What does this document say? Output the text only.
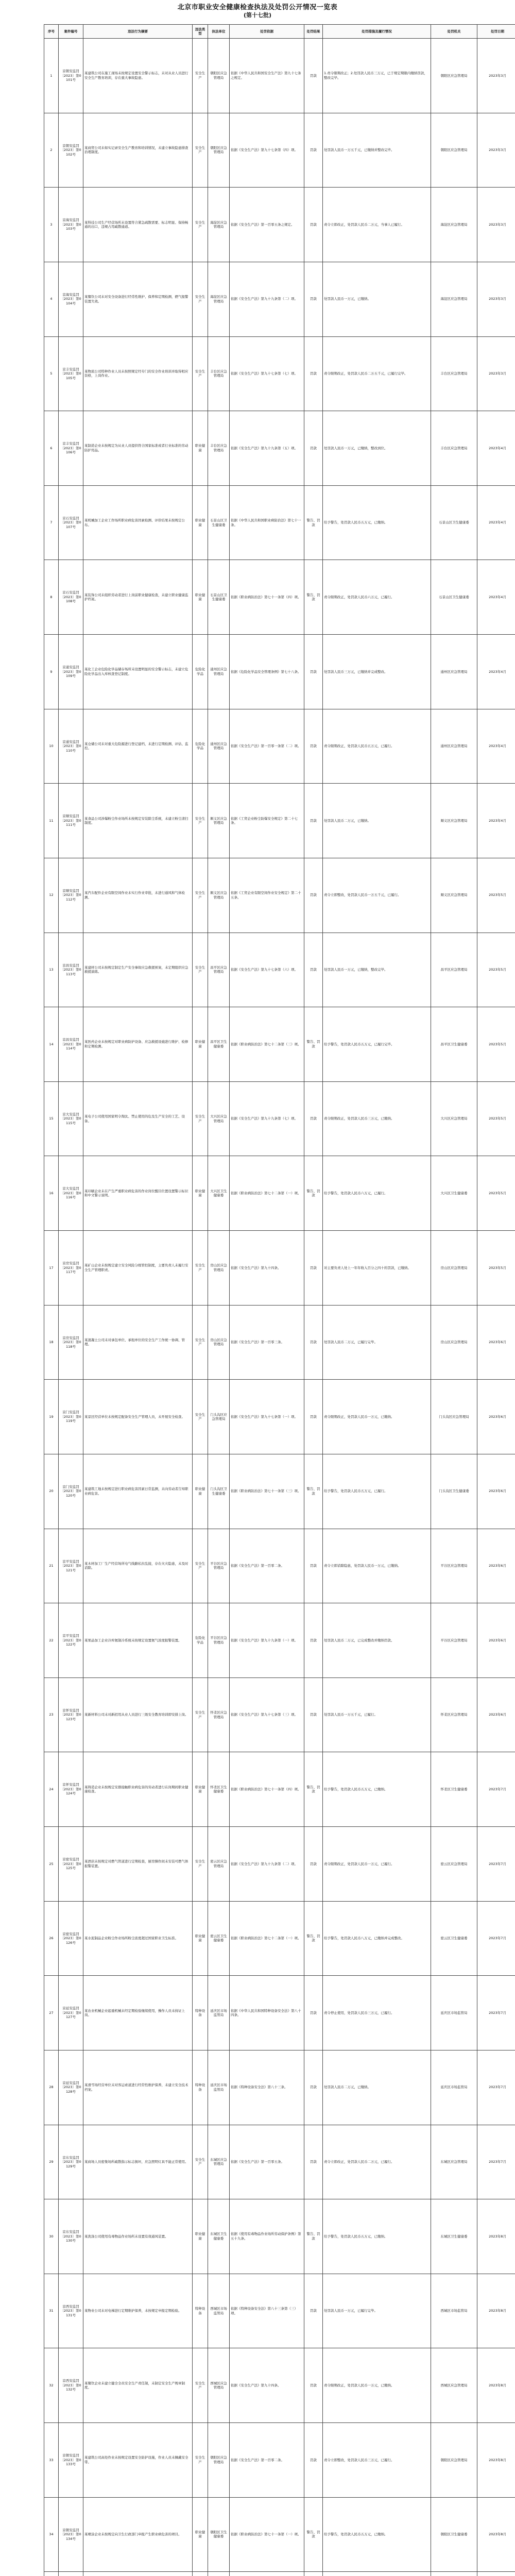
北京市职业安全健康检查执法及处罚公开情况一览表
(第十七批)
序号	案件编号	违法行为摘要	违法类型	执法单位	处罚依据	处罚结果	处罚措施及履行情况	处罚机关	处罚日期
1	京朝安监罚〔2023〕第0101号	某建筑公司在施工现场未按规定设置安全警示标志，未对从业人员进行安全生产教育培训，存在重大事故隐患。	安全生产	朝阳区应急管理局	依据《中华人民共和国安全生产法》第九十七条之规定。	罚款	1.责令限期改正；2.处罚款人民币三万元，已于规定期限内缴纳罚款，整改完毕。	朝阳区应急管理局	2023年3月
2	京朝安监罚〔2023〕第0102号	某商贸公司未如实记录安全生产教育和培训情况，未建立事故隐患排查治理制度。	安全生产	朝阳区应急管理局	依据《安全生产法》第九十七条第（四）项。	罚款	处罚款人民币一万五千元，已缴纳并整改完毕。	朝阳区应急管理局	2023年3月
3	京海安监罚〔2023〕第0103号	某科技公司生产经营场所未设置符合紧急疏散需要、标志明显、保持畅通的出口，违规占用疏散通道。	安全生产	海淀区应急管理局	依据《安全生产法》第一百零五条之规定。	罚款	责令立即改正，处罚款人民币二万元，当事人已履行。	海淀区应急管理局	2023年3月
4	京海安监罚〔2023〕第0104号	某餐饮公司未对安全设备进行经常性维护、保养和定期检测，燃气报警装置失效。	安全生产	海淀区应急管理局	依据《安全生产法》第九十九条第（二）项。	罚款	处罚款人民币一万元，已缴纳。	海淀区应急管理局	2023年3月
5	京丰安监罚〔2023〕第0105号	某物流公司特种作业人员未按照规定经专门的安全作业培训并取得相应资格，上岗作业。	安全生产	丰台区应急管理局	依据《安全生产法》第九十七条第（七）项。	罚款	责令限期改正，处罚款人民币二万五千元，已履行完毕。	丰台区应急管理局	2023年3月
6	京丰安监罚〔2023〕第0106号	某制造企业未按规定为从业人员提供符合国家标准或者行业标准的劳动防护用品。	职业健康	丰台区应急管理局	依据《安全生产法》第九十九条第（五）项。	罚款	处罚款人民币一万元，已缴纳，整改到位。	丰台区应急管理局	2023年4月
7	京石安监罚〔2023〕第0107号	某机械加工企业工作场所职业病危害因素检测、评价结果未按规定公布。	职业健康	石景山区卫生健康委	依据《中华人民共和国职业病防治法》第七十一条。	警告、罚款	给予警告，处罚款人民币五万元，已缴纳。	石景山区卫生健康委	2023年4月
8	京石安监罚〔2023〕第0108号	某装饰公司未组织劳动者进行上岗前职业健康检查，未建立职业健康监护档案。	职业健康	石景山区卫生健康委	依据《职业病防治法》第七十一条第（四）项。	警告、罚款	责令限期改正，处罚款人民币六万元，已履行。	石景山区卫生健康委	2023年4月
9	京通安监罚〔2023〕第0109号	某化工企业危险化学品储存场所未设置明显的安全警示标志，未建立危险化学品出入库核查登记制度。	危险化学品	通州区应急管理局	依据《危险化学品安全管理条例》第七十八条。	罚款	处罚款人民币三万元，已缴纳并完成整改。	通州区应急管理局	2023年4月
10	京通安监罚〔2023〕第0110号	某仓储公司未对重大危险源进行登记建档，未进行定期检测、评估、监控。	危险化学品	通州区应急管理局	依据《安全生产法》第一百零一条第（二）项。	罚款	责令限期改正，处罚款人民币五万元，已履行。	通州区应急管理局	2023年4月
11	京顺安监罚〔2023〕第0111号	某食品公司涉爆粉尘作业场所未按规定安装除尘系统，未建立粉尘清扫制度。	安全生产	顺义区应急管理局	依据《工贸企业粉尘防爆安全规定》第二十七条。	罚款	处罚款人民币二万元，已缴纳。	顺义区应急管理局	2023年4月
12	京顺安监罚〔2023〕第0112号	某汽车配件企业有限空间作业未实行作业审批，未进行通风和气体检测。	安全生产	顺义区应急管理局	依据《工贸企业有限空间作业安全规定》第二十五条。	罚款	责令立即整改，处罚款人民币一万五千元，已履行。	顺义区应急管理局	2023年5月
13	京昌安监罚〔2023〕第0113号	某建材公司未按规定制定生产安全事故应急救援预案，未定期组织应急救援演练。	安全生产	昌平区应急管理局	依据《安全生产法》第九十七条第（六）项。	罚款	处罚款人民币一万元，已缴纳，整改完毕。	昌平区应急管理局	2023年5月
14	京昌安监罚〔2023〕第0114号	某医药企业未按规定对职业病防护设备、应急救援设施进行维护、检修和定期检测。	职业健康	昌平区卫生健康委	依据《职业病防治法》第七十二条第（三）项。	警告、罚款	给予警告，处罚款人民币五万元，已履行完毕。	昌平区卫生健康委	2023年5月
15	京大安监罚〔2023〕第0115号	某电子公司使用国家明令淘汰、禁止使用的危及生产安全的工艺、设备。	安全生产	大兴区应急管理局	依据《安全生产法》第九十九条第（七）项。	罚款	责令限期改正，处罚款人民币三万元，已缴纳。	大兴区应急管理局	2023年5月
16	京大安监罚〔2023〕第0116号	某印刷企业未在产生严重职业病危害的作业岗位醒目位置设置警示标识和中文警示说明。	职业健康	大兴区卫生健康委	依据《职业病防治法》第七十二条第（一）项。	警告、罚款	给予警告，处罚款人民币六万元，已履行。	大兴区卫生健康委	2023年5月
17	京房安监罚〔2023〕第0117号	某矿山企业未按规定建立安全风险分级管控制度，主要负责人未履行安全生产管理职责。	安全生产	房山区应急管理局	依据《安全生产法》第九十四条。	罚款	对主要负责人处上一年年收入百分之四十的罚款，已缴纳。	房山区应急管理局	2023年5月
18	京房安监罚〔2023〕第0118号	某混凝土公司未对承包单位、承租单位的安全生产工作统一协调、管理。	安全生产	房山区应急管理局	依据《安全生产法》第一百零三条。	罚款	处罚款人民币二万元，已履行完毕。	房山区应急管理局	2023年6月
19	京门安监罚〔2023〕第0119号	某景区经营单位未按规定配备安全生产管理人员，未开展安全检查。	安全生产	门头沟区应急管理局	依据《安全生产法》第九十七条第（一）项。	罚款	责令限期改正，处罚款人民币一万元，已缴纳。	门头沟区应急管理局	2023年6月
20	京门安监罚〔2023〕第0120号	某建筑工地未按规定进行职业病危害因素日常监测，未向劳动者告知职业病危害。	职业健康	门头沟区卫生健康委	依据《职业病防治法》第七十一条第（三）项。	警告、罚款	给予警告，处罚款人民币五万元，已履行。	门头沟区卫生健康委	2023年6月
21	京平安监罚〔2023〕第0121号	某木材加工厂生产经营场所电气线路私拉乱接，存在火灾隐患，未及时消除。	安全生产	平谷区应急管理局	依据《安全生产法》第一百零二条。	罚款	责令立即消除隐患，处罚款人民币一万元，已缴纳。	平谷区应急管理局	2023年6月
22	京平安监罚〔2023〕第0122号	某果品加工企业冷库氨制冷系统未按规定设置氨气浓度报警装置。	危险化学品	平谷区应急管理局	依据《安全生产法》第九十九条第（一）项。	罚款	处罚款人民币二万元，已完成整改并缴纳罚款。	平谷区应急管理局	2023年6月
23	京怀安监罚〔2023〕第0123号	某新材料公司未对新招用从业人员进行三级安全教育培训即安排上岗。	安全生产	怀柔区应急管理局	依据《安全生产法》第九十七条第（三）项。	罚款	处罚款人民币一万五千元，已履行。	怀柔区应急管理局	2023年6月
24	京怀安监罚〔2023〕第0124号	某铸造企业未按规定安排接触职业病危害的劳动者进行在岗期间职业健康检查。	职业健康	怀柔区卫生健康委	依据《职业病防治法》第七十一条第（四）项。	警告、罚款	给予警告，处罚款人民币五万元，已缴纳。	怀柔区卫生健康委	2023年7月
25	京密安监罚〔2023〕第0125号	某酒店未按规定对燃气管道进行定期检查，厨房操作间未安装可燃气体报警装置。	安全生产	密云区应急管理局	依据《安全生产法》第九十九条第（二）项。	罚款	责令限期改正，处罚款人民币一万元，已履行。	密云区应急管理局	2023年7月
26	京密安监罚〔2023〕第0126号	某水泥制品企业粉尘作业场所粉尘浓度超过国家职业卫生标准。	职业健康	密云区卫生健康委	依据《职业病防治法》第七十二条第（一）项。	警告、罚款	给予警告，处罚款人民币八万元，已缴纳并完成整改。	密云区卫生健康委	2023年7月
27	京延安监罚〔2023〕第0127号	某农业机械企业起重机械未经定期检验继续使用，操作人员未持证上岗。	特种设备	延庆区市场监管局	依据《中华人民共和国特种设备安全法》第八十四条。	罚款	责令停止使用，处罚款人民币三万元，已履行。	延庆区市场监管局	2023年7月
28	京延安监罚〔2023〕第0128号	某滑雪场经营单位未对客运索道进行经常性维护保养，未建立安全技术档案。	特种设备	延庆区市场监管局	依据《特种设备安全法》第八十三条。	罚款	处罚款人民币二万元，已缴纳。	延庆区市场监管局	2023年7月
29	京东安监罚〔2023〕第0129号	某商场人员密集场所疏散指示标志损坏，应急照明灯具不能正常使用。	安全生产	东城区应急管理局	依据《安全生产法》第一百零五条。	罚款	责令立即改正，处罚款人民币二万元，已履行。	东城区应急管理局	2023年7月
30	京东安监罚〔2023〕第0130号	某洗涤公司使用有毒物品作业场所未设置有效通风装置。	职业健康	东城区卫生健康委	依据《使用有毒物品作业场所劳动保护条例》第五十九条。	警告、罚款	给予警告，处罚款人民币五万元，已缴纳。	东城区卫生健康委	2023年8月
31	京西安监罚〔2023〕第0131号	某物业公司未对电梯进行定期维护保养，未按规定申报定期检验。	特种设备	西城区市场监管局	依据《特种设备安全法》第八十三条第（三）项。	罚款	处罚款人民币一万元，已履行完毕。	西城区市场监管局	2023年8月
32	京西安监罚〔2023〕第0132号	某餐饮企业未建立健全全员安全生产责任制，未制定安全生产规章制度。	安全生产	西城区应急管理局	依据《安全生产法》第九十四条。	罚款	责令限期改正，处罚款人民币一万元，已缴纳。	西城区应急管理局	2023年8月
33	京朝安监罚〔2023〕第0133号	某建筑公司高处作业未按规定设置安全防护设施，作业人员未佩戴安全带。	安全生产	朝阳区应急管理局	依据《安全生产法》第一百零二条。	罚款	责令立即整改，处罚款人民币三万元，已履行。	朝阳区应急管理局	2023年8月
34	京朝安监罚〔2023〕第0134号	某喷涂企业未按规定向卫生行政部门申报产生职业病危害的项目。	职业健康	朝阳区卫生健康委	依据《职业病防治法》第七十一条第（一）项。	警告、罚款	给予警告，处罚款人民币五万元，已缴纳。	朝阳区卫生健康委	2023年8月
